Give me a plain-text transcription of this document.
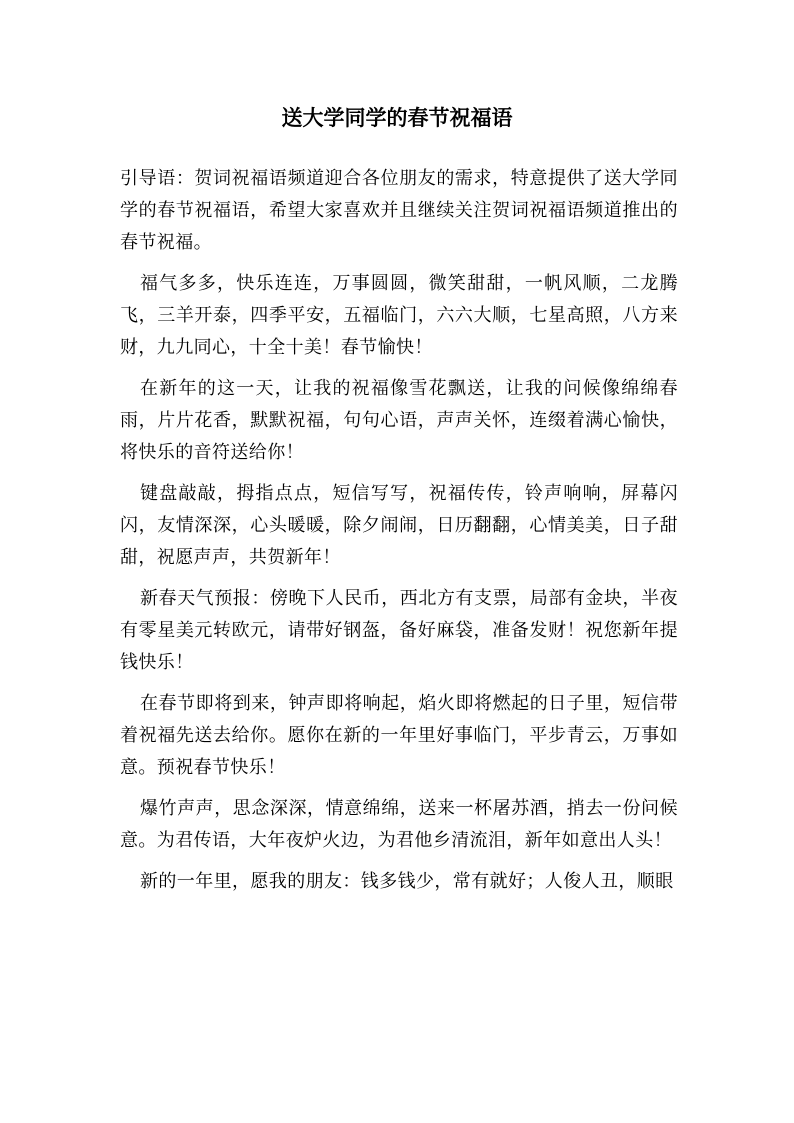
送大学同学的春节祝福语

引导语：贺词祝福语频道迎合各位朋友的需求，特意提供了送大学同学的春节祝福语，希望大家喜欢并且继续关注贺词祝福语频道推出的春节祝福。

福气多多，快乐连连，万事圆圆，微笑甜甜，一帆风顺，二龙腾飞，三羊开泰，四季平安，五福临门，六六大顺，七星高照，八方来财，九九同心，十全十美！春节愉快！

在新年的这一天，让我的祝福像雪花飘送，让我的问候像绵绵春雨，片片花香，默默祝福，句句心语，声声关怀，连缀着满心愉快，将快乐的音符送给你！

键盘敲敲，拇指点点，短信写写，祝福传传，铃声响响，屏幕闪闪，友情深深，心头暖暖，除夕闹闹，日历翻翻，心情美美，日子甜甜，祝愿声声，共贺新年！

新春天气预报：傍晚下人民币，西北方有支票，局部有金块，半夜有零星美元转欧元，请带好钢盔，备好麻袋，准备发财！祝您新年提钱快乐！

在春节即将到来，钟声即将响起，焰火即将燃起的日子里，短信带着祝福先送去给你。愿你在新的一年里好事临门，平步青云，万事如意。预祝春节快乐！

爆竹声声，思念深深，情意绵绵，送来一杯屠苏酒，捎去一份问候意。为君传语，大年夜炉火边，为君他乡清流泪，新年如意出人头！

新的一年里，愿我的朋友：钱多钱少，常有就好；人俊人丑，顺眼
